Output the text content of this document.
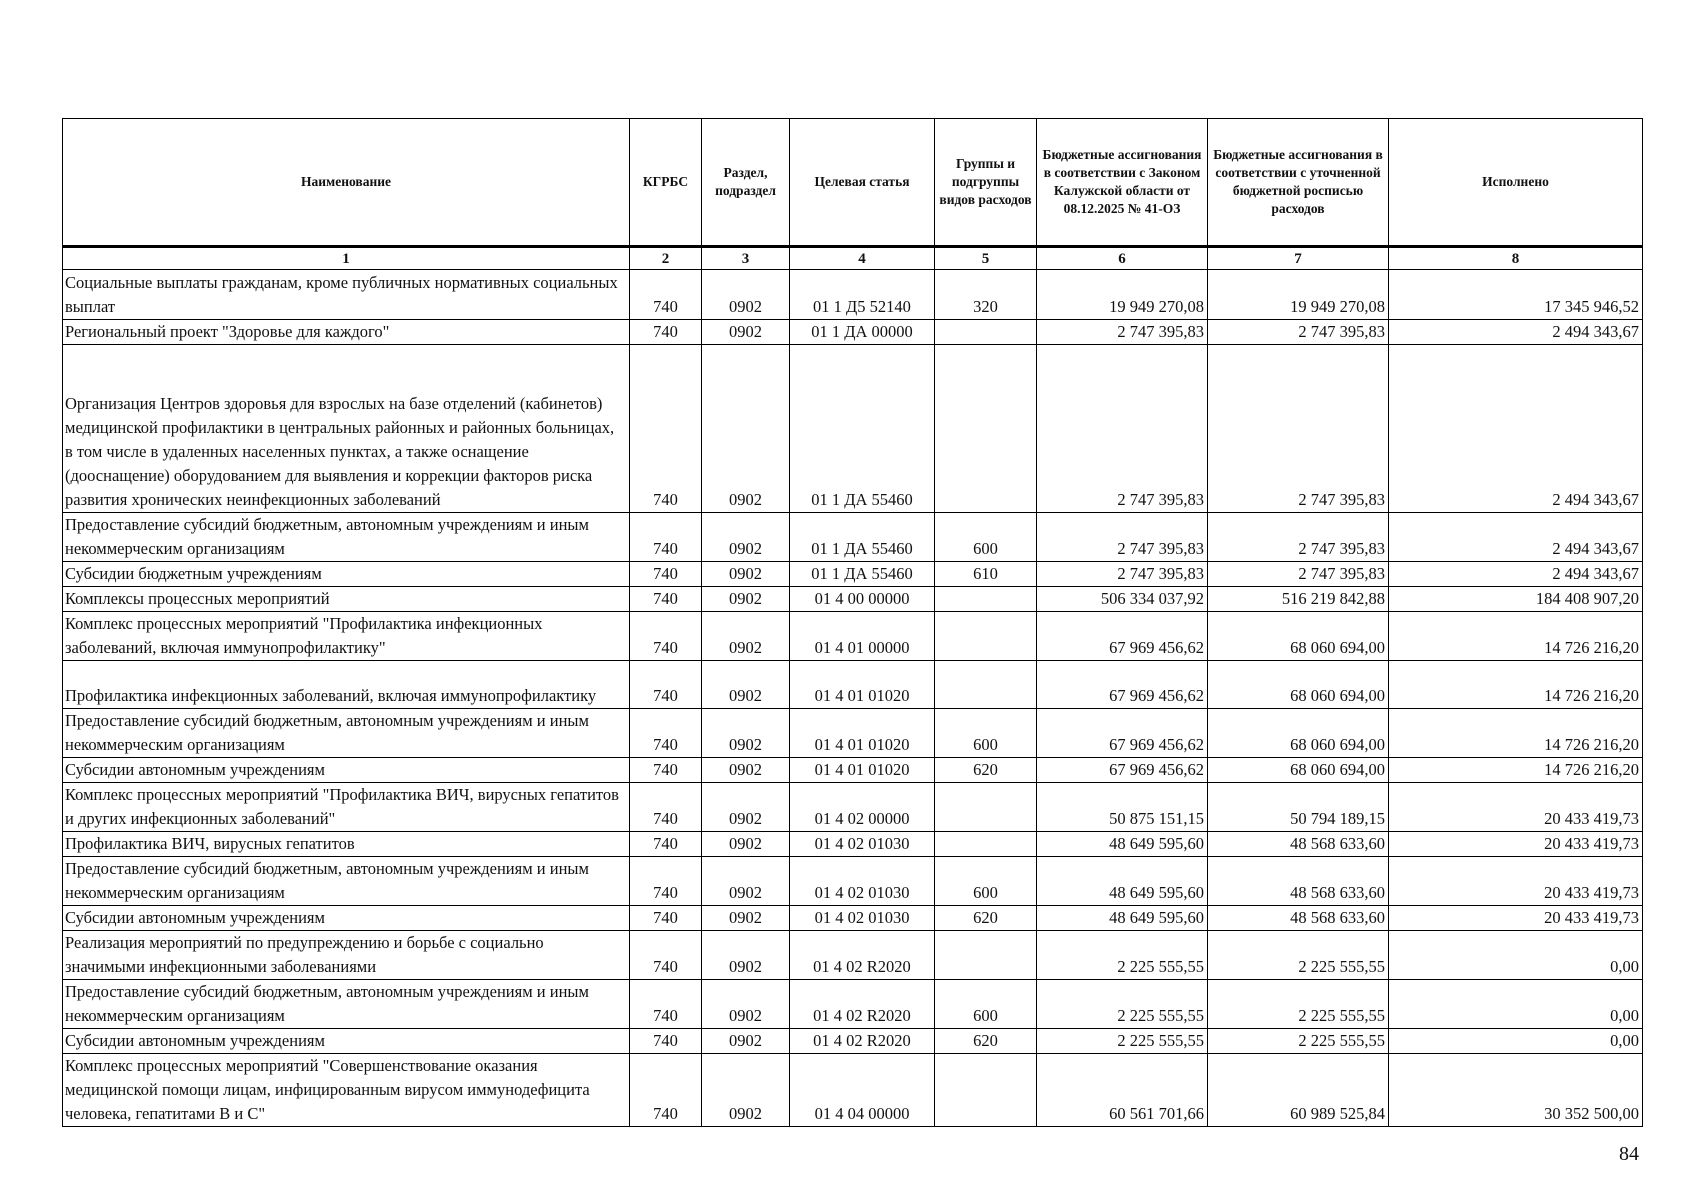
Наименование	КГРБС	Раздел, подраздел	Целевая статья	Группы и подгруппы видов расходов	Бюджетные ассигнования в соответствии с Законом Калужской области от 08.12.2025 № 41-ОЗ	Бюджетные ассигнования в соответствии с уточненной бюджетной росписью расходов	Исполнено
1	2	3	4	5	6	7	8
Социальные выплаты гражданам, кроме публичных нормативных социальных выплат	740	0902	01 1 Д5 52140	320	19 949 270,08	19 949 270,08	17 345 946,52
Региональный проект "Здоровье для каждого"	740	0902	01 1 ДА 00000		2 747 395,83	2 747 395,83	2 494 343,67
Организация Центров здоровья для взрослых на базе отделений (кабинетов) медицинской профилактики в центральных районных и районных больницах, в том числе в удаленных населенных пунктах, а также оснащение (дооснащение) оборудованием для выявления и коррекции факторов риска развития хронических неинфекционных заболеваний	740	0902	01 1 ДА 55460		2 747 395,83	2 747 395,83	2 494 343,67
Предоставление субсидий бюджетным, автономным учреждениям и иным некоммерческим организациям	740	0902	01 1 ДА 55460	600	2 747 395,83	2 747 395,83	2 494 343,67
Субсидии бюджетным учреждениям	740	0902	01 1 ДА 55460	610	2 747 395,83	2 747 395,83	2 494 343,67
Комплексы процессных мероприятий	740	0902	01 4 00 00000		506 334 037,92	516 219 842,88	184 408 907,20
Комплекс процессных мероприятий "Профилактика инфекционных заболеваний, включая иммунопрофилактику"	740	0902	01 4 01 00000		67 969 456,62	68 060 694,00	14 726 216,20
Профилактика инфекционных заболеваний, включая иммунопрофилактику	740	0902	01 4 01 01020		67 969 456,62	68 060 694,00	14 726 216,20
Предоставление субсидий бюджетным, автономным учреждениям и иным некоммерческим организациям	740	0902	01 4 01 01020	600	67 969 456,62	68 060 694,00	14 726 216,20
Субсидии автономным учреждениям	740	0902	01 4 01 01020	620	67 969 456,62	68 060 694,00	14 726 216,20
Комплекс процессных мероприятий "Профилактика ВИЧ, вирусных гепатитов и других инфекционных заболеваний"	740	0902	01 4 02 00000		50 875 151,15	50 794 189,15	20 433 419,73
Профилактика ВИЧ, вирусных гепатитов	740	0902	01 4 02 01030		48 649 595,60	48 568 633,60	20 433 419,73
Предоставление субсидий бюджетным, автономным учреждениям и иным некоммерческим организациям	740	0902	01 4 02 01030	600	48 649 595,60	48 568 633,60	20 433 419,73
Субсидии автономным учреждениям	740	0902	01 4 02 01030	620	48 649 595,60	48 568 633,60	20 433 419,73
Реализация мероприятий по предупреждению и борьбе с социально значимыми инфекционными заболеваниями	740	0902	01 4 02 R2020		2 225 555,55	2 225 555,55	0,00
Предоставление субсидий бюджетным, автономным учреждениям и иным некоммерческим организациям	740	0902	01 4 02 R2020	600	2 225 555,55	2 225 555,55	0,00
Субсидии автономным учреждениям	740	0902	01 4 02 R2020	620	2 225 555,55	2 225 555,55	0,00
Комплекс процессных мероприятий "Совершенствование оказания медицинской помощи лицам, инфицированным вирусом иммунодефицита человека, гепатитами В и С"	740	0902	01 4 04 00000		60 561 701,66	60 989 525,84	30 352 500,00
84
